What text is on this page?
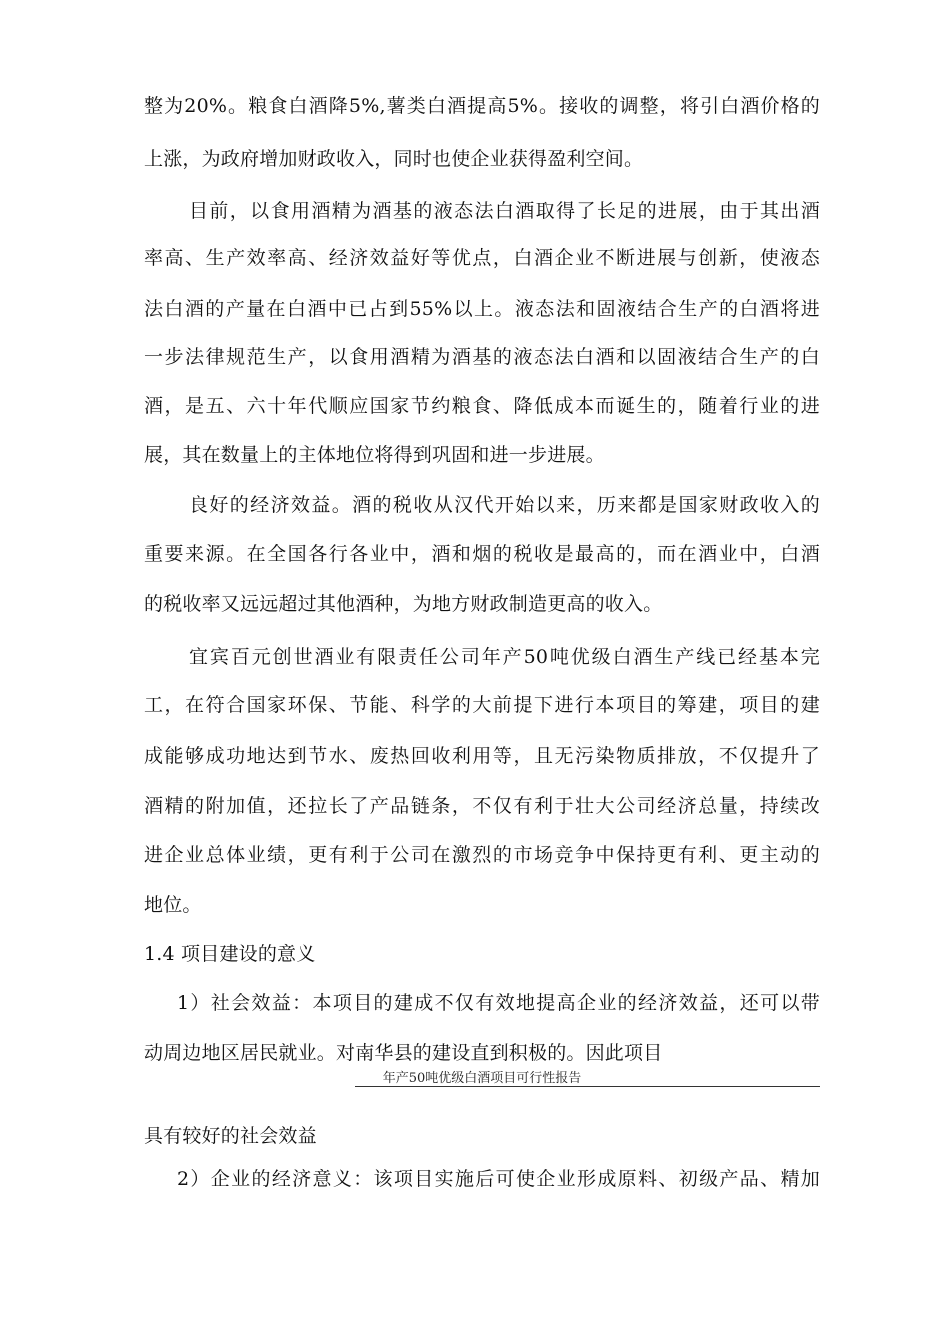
整为20%。粮食白酒降5%,薯类白酒提高5%。接收的调整，将引白酒价格的
上涨，为政府增加财政收入，同时也使企业获得盈利空间。
目前，以食用酒精为酒基的液态法白酒取得了长足的进展，由于其出酒
率高、生产效率高、经济效益好等优点，白酒企业不断进展与创新，使液态
法白酒的产量在白酒中已占到55%以上。液态法和固液结合生产的白酒将进
一步法律规范生产，以食用酒精为酒基的液态法白酒和以固液结合生产的白
酒，是五、六十年代顺应国家节约粮食、降低成本而诞生的，随着行业的进
展，其在数量上的主体地位将得到巩固和进一步进展。
良好的经济效益。酒的税收从汉代开始以来，历来都是国家财政收入的
重要来源。在全国各行各业中，酒和烟的税收是最高的，而在酒业中，白酒
的税收率又远远超过其他酒种，为地方财政制造更高的收入。
宜宾百元创世酒业有限责任公司年产50吨优级白酒生产线已经基本完
工，在符合国家环保、节能、科学的大前提下进行本项目的筹建，项目的建
成能够成功地达到节水、废热回收利用等，且无污染物质排放，不仅提升了
酒精的附加值，还拉长了产品链条，不仅有利于壮大公司经济总量，持续改
进企业总体业绩，更有利于公司在激烈的市场竞争中保持更有利、更主动的
地位。
1.4 项目建设的意义
1）社会效益：本项目的建成不仅有效地提高企业的经济效益，还可以带
动周边地区居民就业。对南华县的建设直到积极的。因此项目
年产50吨优级白酒项目可行性报告
具有较好的社会效益
2）企业的经济意义：该项目实施后可使企业形成原料、初级产品、精加
